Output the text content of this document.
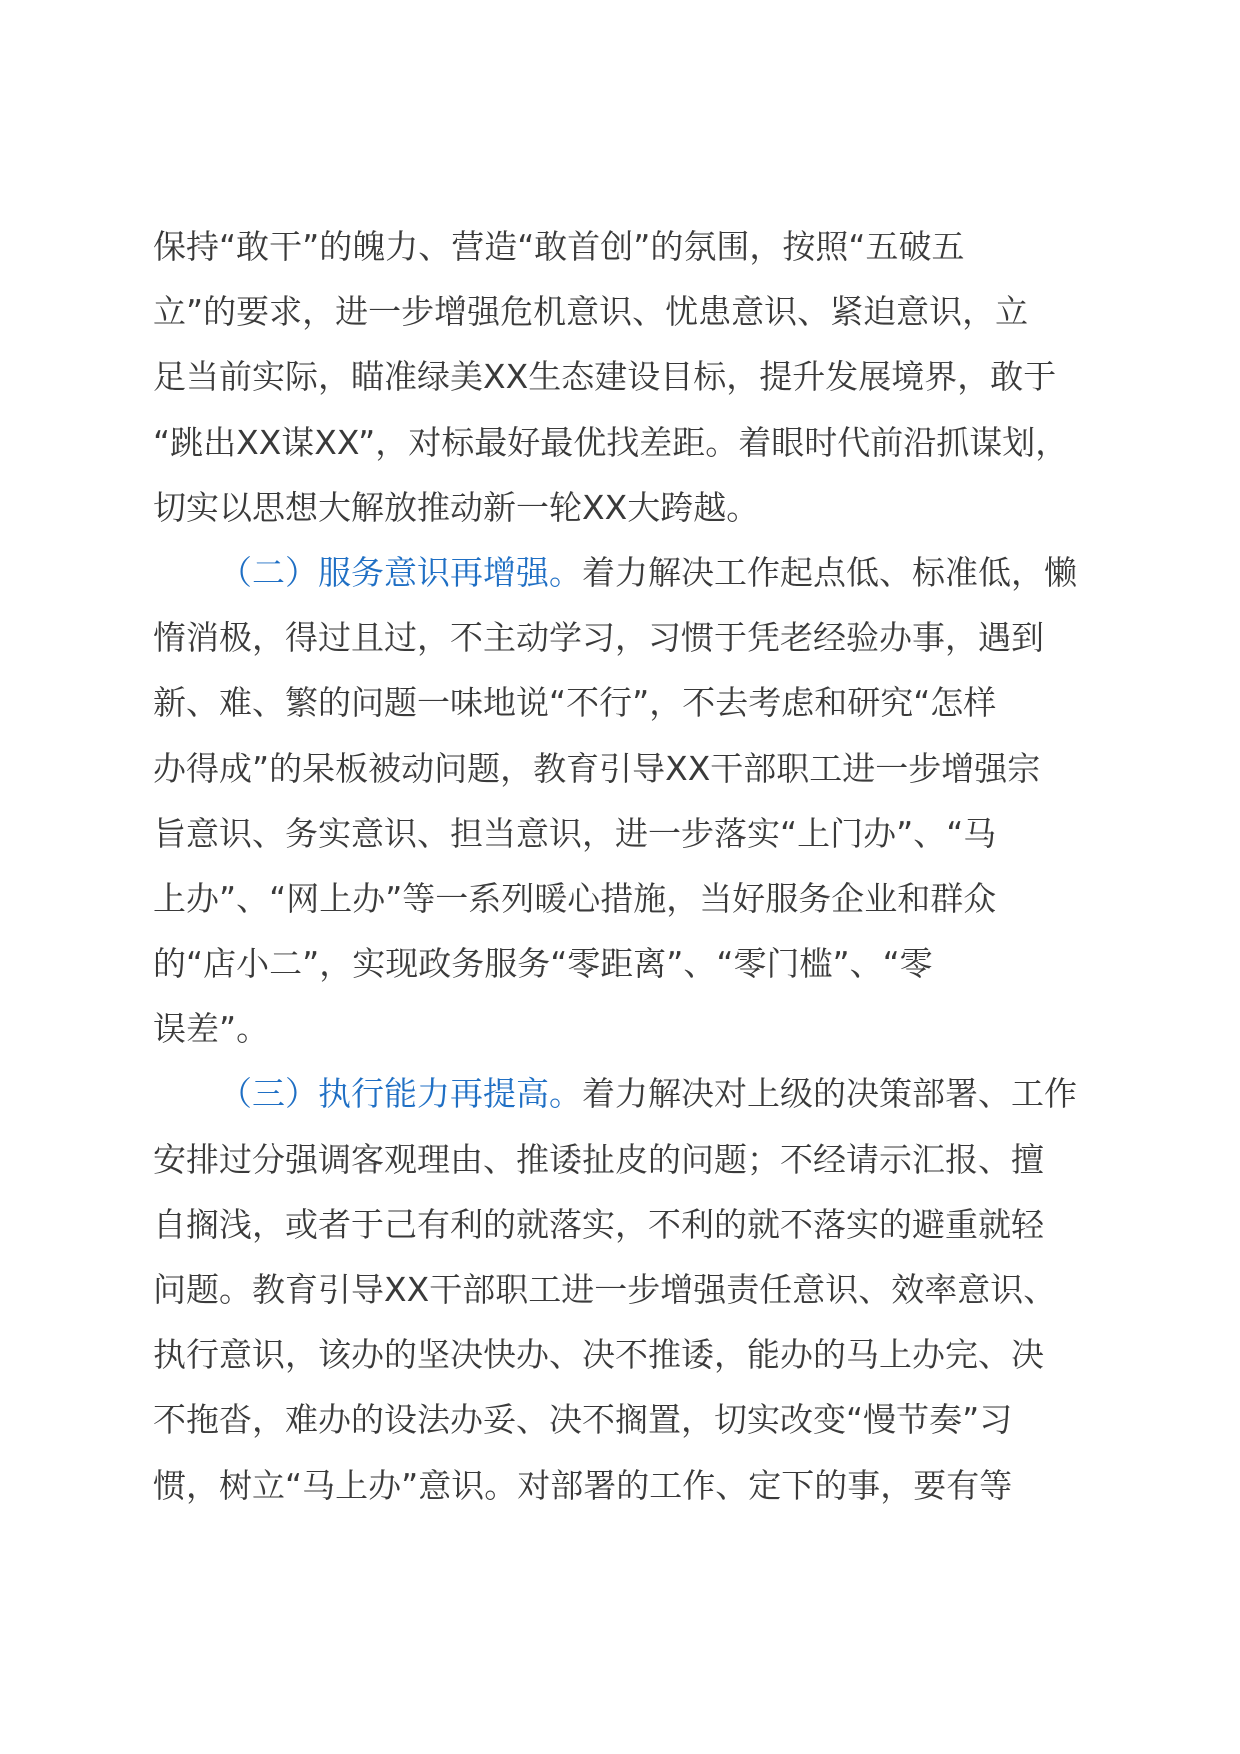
保持“敢干”的魄力、营造“敢首创”的氛围，按照“五破五
立”的要求，进一步增强危机意识、忧患意识、紧迫意识，立
足当前实际，瞄准绿美XX生态建设目标，提升发展境界，敢于
“跳出XX谋XX”，对标最好最优找差距。着眼时代前沿抓谋划，
切实以思想大解放推动新一轮XX大跨越。
（二）服务意识再增强。着力解决工作起点低、标准低，懒
惰消极，得过且过，不主动学习，习惯于凭老经验办事，遇到
新、难、繁的问题一味地说“不行”，不去考虑和研究“怎样
办得成”的呆板被动问题，教育引导XX干部职工进一步增强宗
旨意识、务实意识、担当意识，进一步落实“上门办”、“马
上办”、“网上办”等一系列暖心措施，当好服务企业和群众
的“店小二”，实现政务服务“零距离”、“零门槛”、“零
误差”。
（三）执行能力再提高。着力解决对上级的决策部署、工作
安排过分强调客观理由、推诿扯皮的问题；不经请示汇报、擅
自搁浅，或者于己有利的就落实，不利的就不落实的避重就轻
问题。教育引导XX干部职工进一步增强责任意识、效率意识、
执行意识，该办的坚决快办、决不推诿，能办的马上办完、决
不拖沓，难办的设法办妥、决不搁置，切实改变“慢节奏”习
惯，树立“马上办”意识。对部署的工作、定下的事，要有等
